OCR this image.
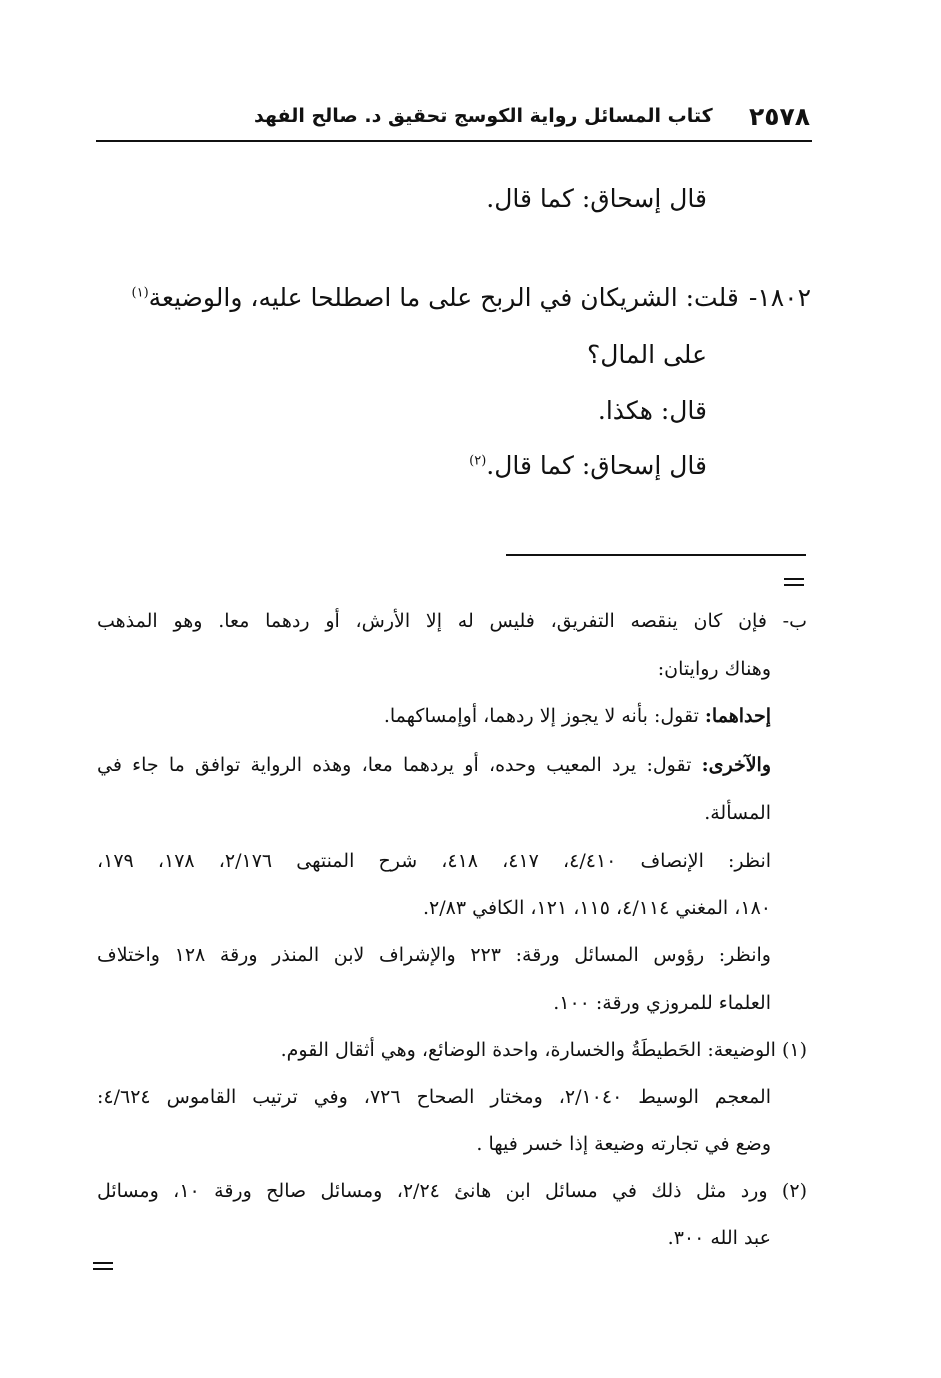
٢٥٧٨
كتاب المسائل رواية الكوسج تحقيق د. صالح الفهد
قال إسحاق: كما قال.
١٨٠٢-قلت: الشريكان في الربح على ما اصطلحا عليه، والوضيعة$^{(١)}$
على المال؟
قال: هكذا.
قال إسحاق: كما قال.$^{(٢)}$
ب- فإن كان ينقصه التفريق، فليس له إلا الأرش، أو ردهما معا. وهو المذهب
وهناك روايتان:
إحداهما: تقول: بأنه لا يجوز إلا ردهما، أوإمساكهما.
والآخرى: تقول: يرد المعيب وحده، أو يردهما معا، وهذه الرواية توافق ما جاء في
المسألة.
انظر: الإنصاف ٤/٤١٠، ٤١٧، ٤١٨، شرح المنتهى ٢/١٧٦، ١٧٨، ١٧٩،
١٨٠، المغني ٤/١١٤، ١١٥، ١٢١، الكافي ٢/٨٣.
وانظر: رؤوس المسائل ورقة: ٢٢٣ والإشراف لابن المنذر ورقة ١٢٨ واختلاف
العلماء للمروزي ورقة: ١٠٠.
(١) الوضيعة: الحَطيطَةُ والخسارة، واحدة الوضائع، وهي أثقال القوم.
المعجم الوسيط ٢/١٠٤٠، ومختار الصحاح ٧٢٦، وفي ترتيب القاموس ٤/٦٢٤:
وضع في تجارته وضيعة إذا خسر فيها .
(٢) ورد مثل ذلك في مسائل ابن هانئ ٢/٢٤، ومسائل صالح ورقة ١٠، ومسائل
عبد الله ٣٠٠.
